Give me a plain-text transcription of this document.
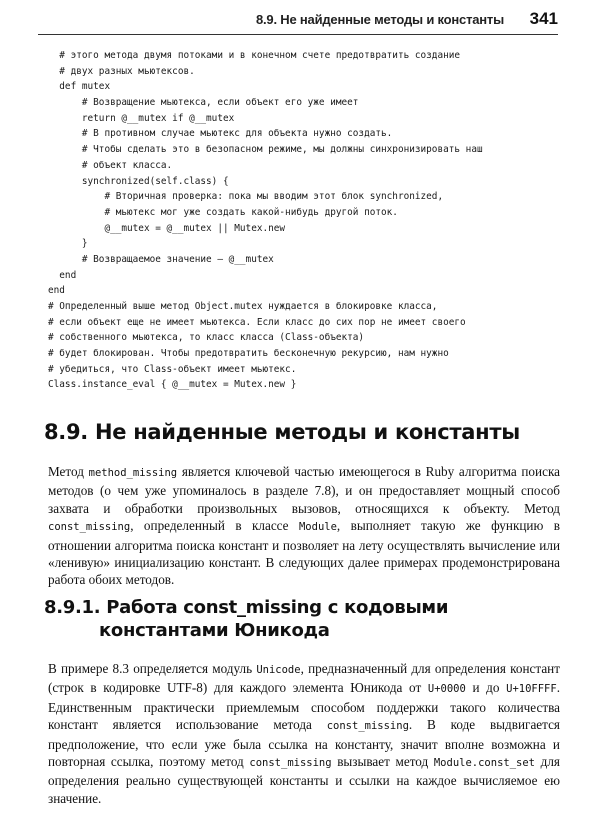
8.9. Не найденные методы и константы 341
# этого метода двумя потоками и в конечном счете предотвратить создание
# двух разных мьютексов.
def mutex
# Возвращение мьютекса, если объект его уже имеет
return @__mutex if @__mutex
# В противном случае мьютекс для объекта нужно создать.
# Чтобы сделать это в безопасном режиме, мы должны синхронизировать наш
# объект класса.
synchronized(self.class) {
# Вторичная проверка: пока мы вводим этот блок synchronized,
# мьютекс мог уже создать какой-нибудь другой поток.
@__mutex = @__mutex || Mutex.new
}
# Возвращаемое значение — @__mutex
end
end
# Определенный выше метод Object.mutex нуждается в блокировке класса,
# если объект еще не имеет мьютекса. Если класс до сих пор не имеет своего
# собственного мьютекса, то класс класса (Class-объекта)
# будет блокирован. Чтобы предотвратить бесконечную рекурсию, нам нужно
# убедиться, что Class-объект имеет мьютекс.
Class.instance_eval { @__mutex = Mutex.new }
8.9. Не найденные методы и константы

Метод method_missing является ключевой частью имеющегося в Ruby алгоритма поиска методов (о чем уже упоминалось в разделе 7.8), и он предоставляет мощный способ захвата и обработки произвольных вызовов, относящихся к объекту. Метод const_missing, определенный в классе Module, выполняет такую же функцию в отношении алгоритма поиска констант и позволяет на лету осуществлять вычисление или «ленивую» инициализацию констант. В следующих далее примерах продемонстрирована работа обоих методов.

8.9.1. Работа const_missing с кодовыми
константами Юникода

В примере 8.3 определяется модуль Unicode, предназначенный для определения констант (строк в кодировке UTF-8) для каждого элемента Юникода от U+0000 и до U+10FFFF. Единственным практически приемлемым способом поддержки такого количества констант является использование метода const_missing. В коде выдвигается предположение, что если уже была ссылка на константу, значит вполне возможна и повторная ссылка, поэтому метод const_missing вызывает метод Module.const_set для определения реально существующей константы и ссылки на каждое вычисляемое ею значение.
